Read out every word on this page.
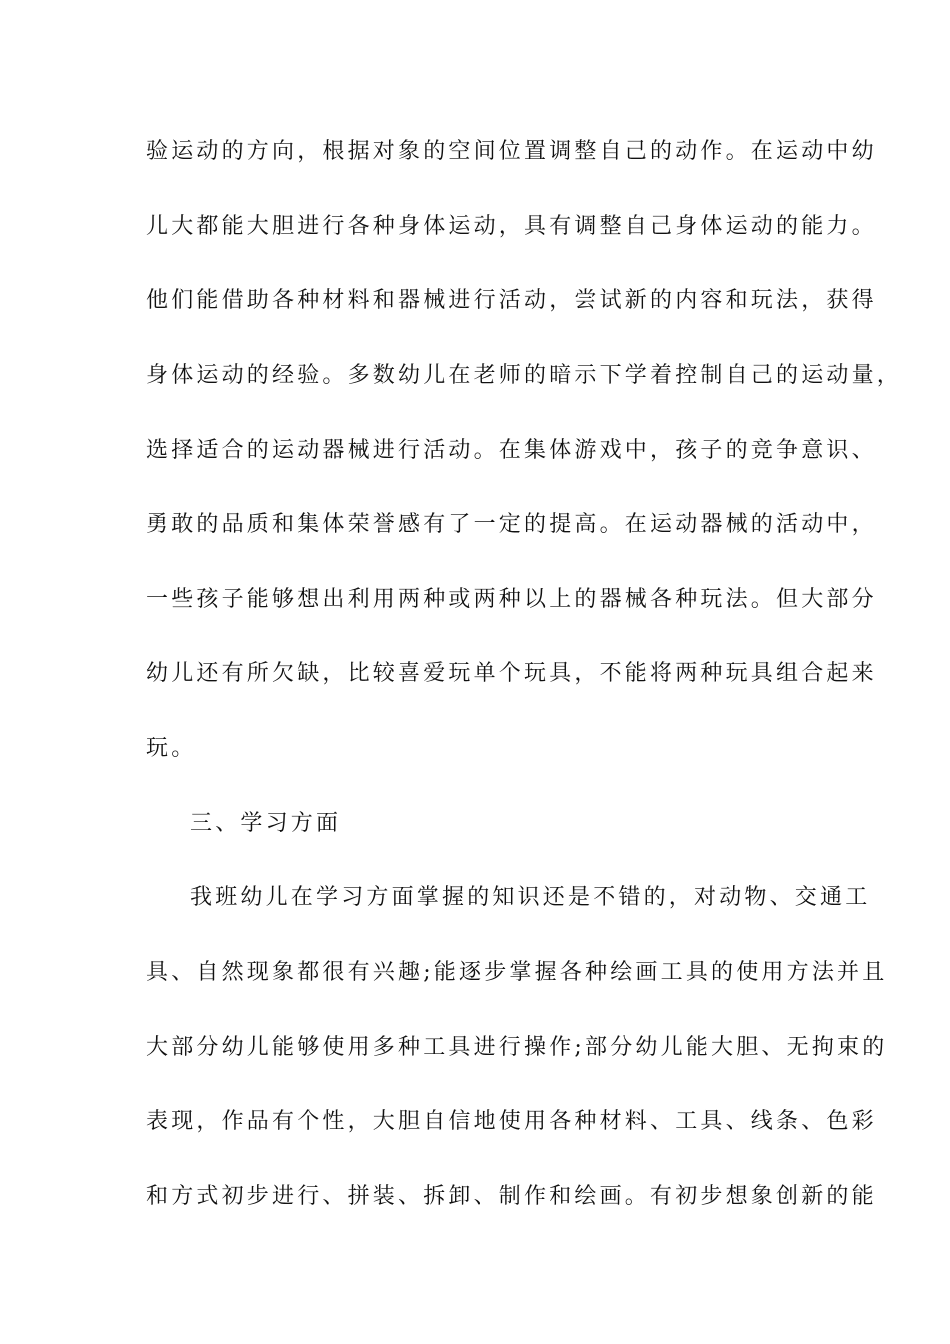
验运动的方向，根据对象的空间位置调整自己的动作。在运动中幼

儿大都能大胆进行各种身体运动，具有调整自己身体运动的能力。

他们能借助各种材料和器械进行活动，尝试新的内容和玩法，获得

身体运动的经验。多数幼儿在老师的暗示下学着控制自己的运动量，

选择适合的运动器械进行活动。在集体游戏中，孩子的竞争意识、

勇敢的品质和集体荣誉感有了一定的提高。在运动器械的活动中，

一些孩子能够想出利用两种或两种以上的器械各种玩法。但大部分

幼儿还有所欠缺，比较喜爱玩单个玩具，不能将两种玩具组合起来

玩。

三、学习方面

我班幼儿在学习方面掌握的知识还是不错的，对动物、交通工

具、自然现象都很有兴趣;能逐步掌握各种绘画工具的使用方法并且

大部分幼儿能够使用多种工具进行操作;部分幼儿能大胆、无拘束的

表现，作品有个性，大胆自信地使用各种材料、工具、线条、色彩

和方式初步进行、拼装、拆卸、制作和绘画。有初步想象创新的能
